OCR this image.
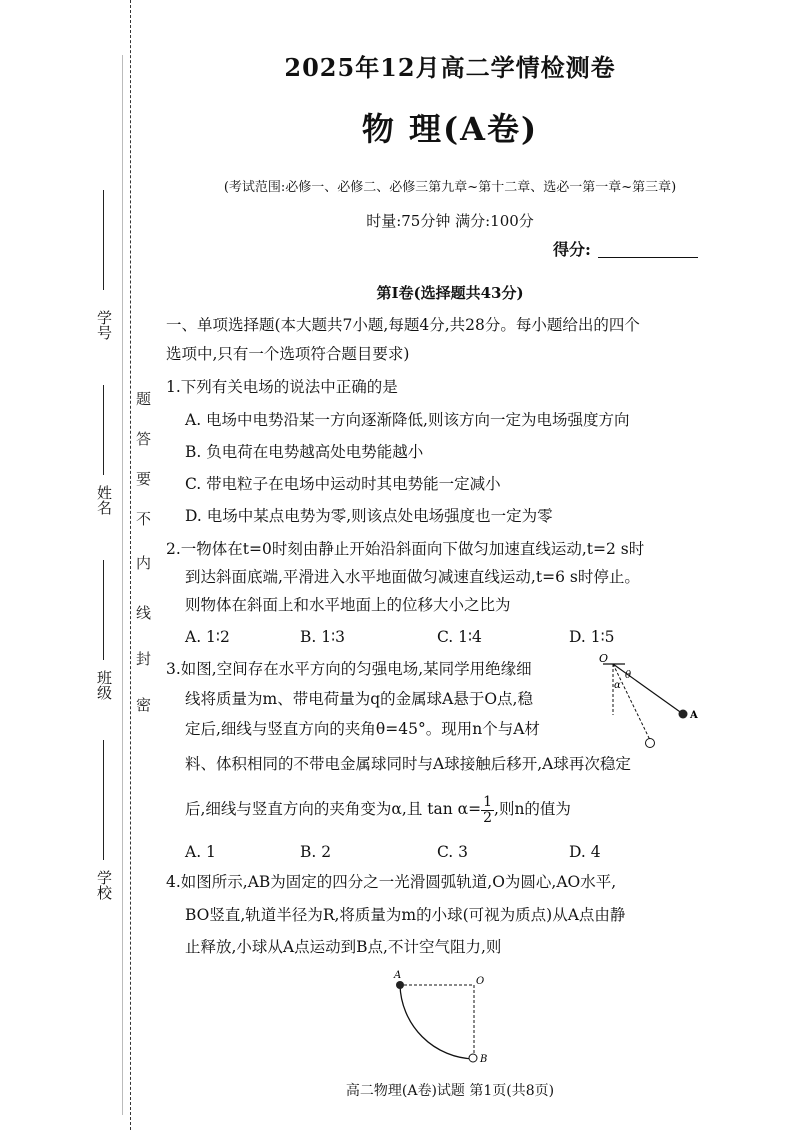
学号
姓名
班级
学校
题
答
要
不
内
线
封
密
2025年12月高二学情检测卷
物 理(A卷)
(考试范围:必修一、必修二、必修三第九章~第十二章、选必一第一章~第三章)
时量:75分钟 满分:100分
得分:
第Ⅰ卷(选择题共43分)
一、单项选择题(本大题共7小题,每题4分,共28分。每小题给出的四个
选项中,只有一个选项符合题目要求)
1.下列有关电场的说法中正确的是
A. 电场中电势沿某一方向逐渐降低,则该方向一定为电场强度方向
B. 负电荷在电势越高处电势能越小
C. 带电粒子在电场中运动时其电势能一定减小
D. 电场中某点电势为零,则该点处电场强度也一定为零
2.一物体在t=0时刻由静止开始沿斜面向下做匀加速直线运动,t=2 s时
到达斜面底端,平滑进入水平地面做匀减速直线运动,t=6 s时停止。
则物体在斜面上和水平地面上的位移大小之比为
A. 1∶2	B. 1∶3	C. 1∶4	D. 1∶5
3.如图,空间存在水平方向的匀强电场,某同学用绝缘细
线将质量为m、带电荷量为q的金属球A悬于O点,稳
定后,细线与竖直方向的夹角θ=45°。现用n个与A材
料、体积相同的不带电金属球同时与A球接触后移开,A球再次稳定
后,细线与竖直方向的夹角变为α,且 $\tan \alpha= \frac{1}{2}$ ,则n的值为
A. 1	B. 2	C. 3	D. 4
O
θ
α
A
4.如图所示,AB为固定的四分之一光滑圆弧轨道,O为圆心,AO水平,
BO竖直,轨道半径为R,将质量为m的小球(可视为质点)从A点由静
止释放,小球从A点运动到B点,不计空气阻力,则
A
O
B
高二物理(A卷)试题 第1页(共8页)
